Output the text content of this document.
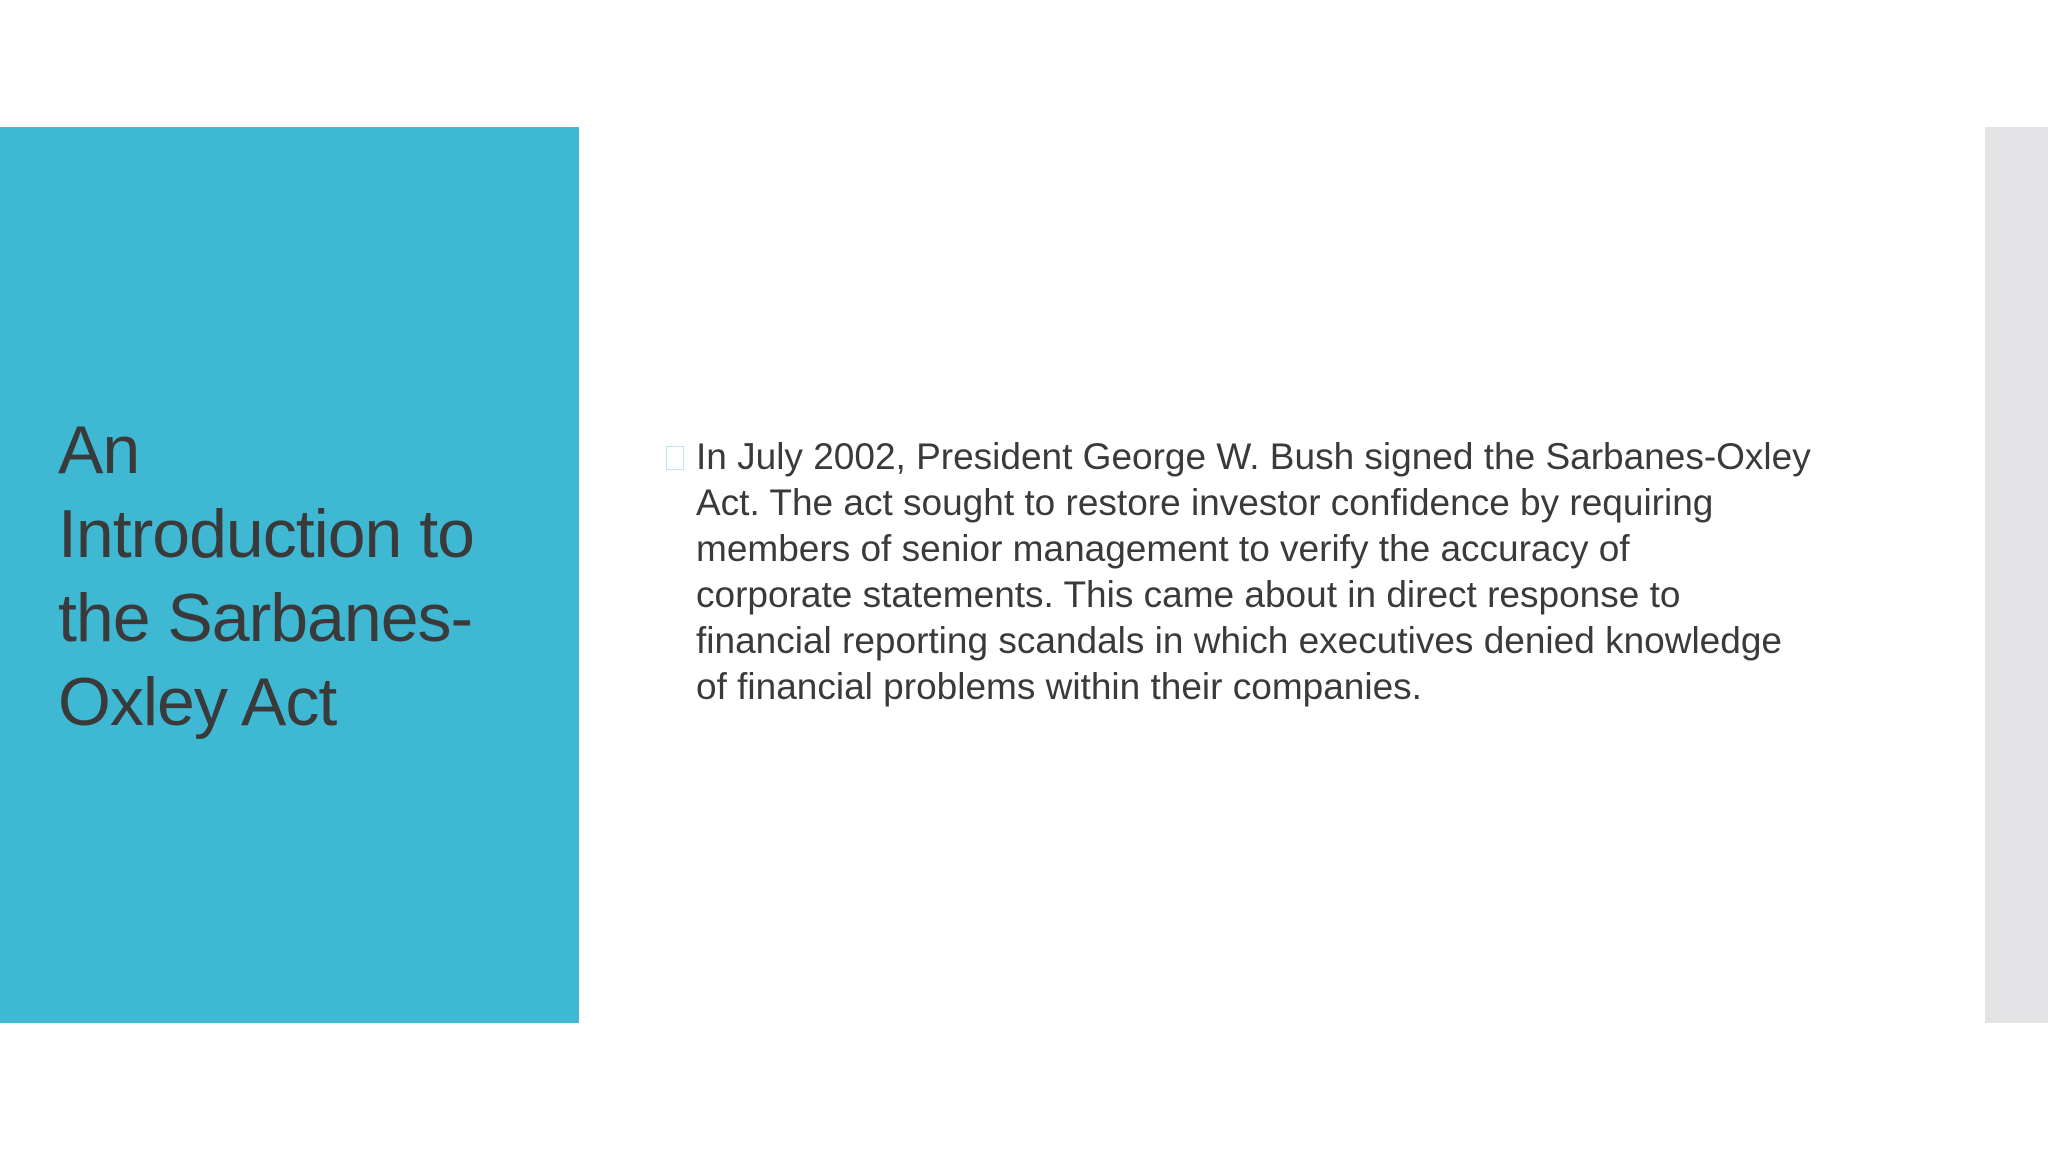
An
Introduction to
the Sarbanes-
Oxley Act
In July 2002, President George W. Bush signed the Sarbanes-Oxley
Act. The act sought to restore investor confidence by requiring
members of senior management to verify the accuracy of
corporate statements. This came about in direct response to
financial reporting scandals in which executives denied knowledge
of financial problems within their companies.
